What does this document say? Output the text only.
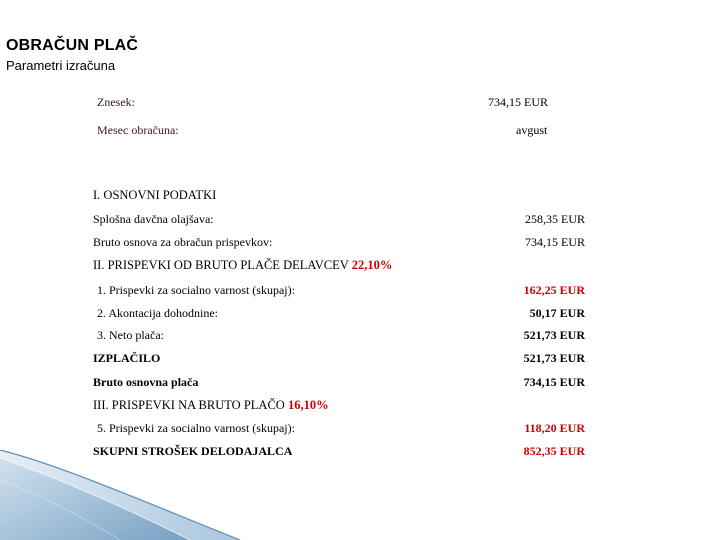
OBRAČUN PLAČ
Parametri izračuna
Znesek:	734,15 EUR
Mesec obračuna:	avgust
I. OSNOVNI PODATKI
Splošna davčna olajšava:	258,35 EUR
Bruto osnova za obračun prispevkov:	734,15 EUR
II. PRISPEVKI OD BRUTO PLAČE DELAVCEV 22,10%
1. Prispevki za socialno varnost (skupaj):	162,25 EUR
2. Akontacija dohodnine:	50,17 EUR
3. Neto plača:	521,73 EUR
IZPLAČILO	521,73 EUR
Bruto osnovna plača	734,15 EUR
III. PRISPEVKI NA BRUTO PLAČO 16,10%
5. Prispevki za socialno varnost (skupaj):	118,20 EUR
SKUPNI STROŠEK DELODAJALCA	852,35 EUR
